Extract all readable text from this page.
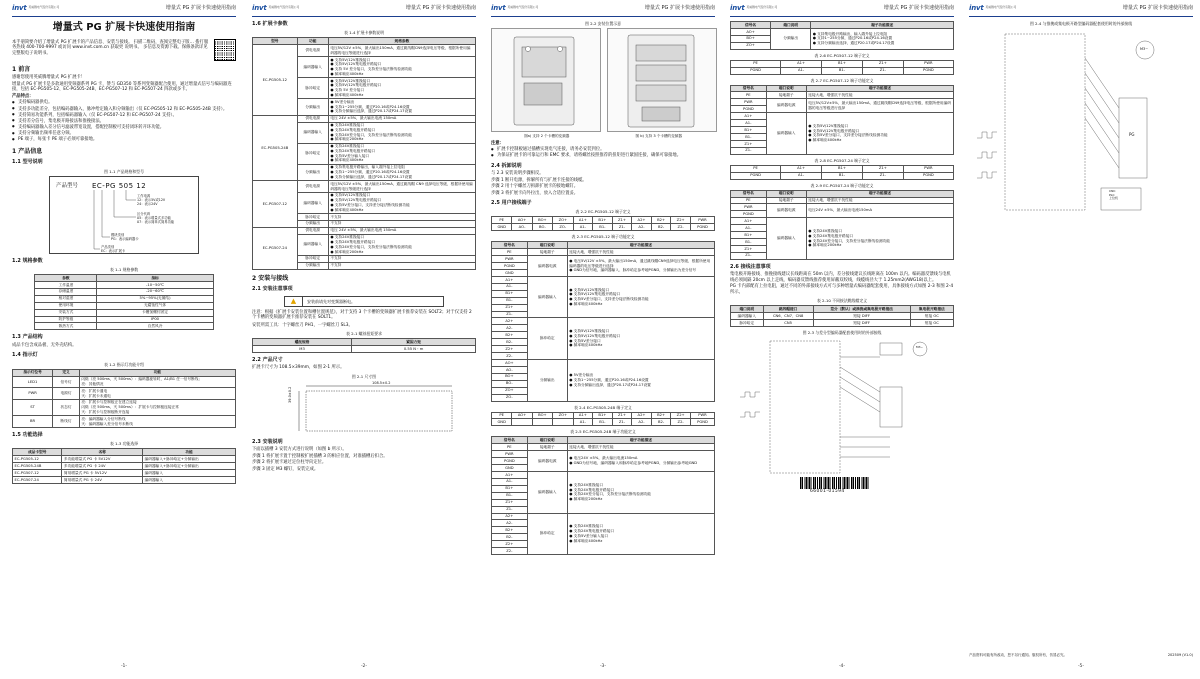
invt 英威腾电气股份有限公司	增量式 PG 扩展卡快速使用指南
增量式 PG 扩展卡快速使用指南

本手册简要介绍了增量式 PG 扩展卡的产品信息、安装与接线。 扫描二维码，查阅完整电子版… 拨打服务热线 400-700-9997 或访问 www.invt.com.cn 获取更 说明书。 多信息及资源下载。保修条款详见完整版电子说明书。

1 前言

感谢您使用英威腾增量式 PG 扩展卡！

增量式 PG 扩展卡是多款通用变频器系列 PG 卡，赞与 GD350 等系列变频器配合使用，通过增量式信号与编码器连接，包括 EC-PG505-12、EC-PG505-24B、EC-PG507-12 和 EC-PG507-24 四款或多卡。

产品特点：

● 支持编码器供电。
● 支持多功能差分，包括编码器输入、脉冲给定输入和分频输出（仅 EC-PG505-12 和 EC-PG505-24B 支持）。
● 支持简易功能系列，包括编码器输入（仅 EC-PG507-12 和 EC-PG507-24 支持）。
● 支持差分信号，集电极开路接法和推挽接法。
● 支持编码器输入差分信号滤波带宽设置，搭配控制板可支持闭环转开环功能。
● 支持分频输出频率任意分频。
● PE 端子，每张卡 PE 端子必须可靠接地。
1 产品信息
1.1 型号说明
图 1-1 产品规格和型号
产品型号 EC-PG 505 12
工作电源
12：表示5V或12V
24：表示24V
区分代码
05：表示增量式多功能
07：表示简单式简易功能
模块类别
PG：表示编码器卡
产品类别
EC：表示扩展卡
1.2 规格参数
表 1-1 规格参数
参数	指标
工作温度	-10~50℃
存储温度	-20~60℃
相对湿度	5%~95%(无凝结)
使用环境	无腐蚀性气体
安装方式	卡槽加螺钉固定
防护等级	IP00
散热方式	自然风冷
1.3 产品结构

成品卡包含成品板、无外壳结构。

1.4 指示灯
表 1-2 指示灯功能介绍
指示灯位号	定义	功能
LED1	信号灯	闪烁（亮 500ms，灭 500ms）：编码器旋转时，A1/B1 任一信号断线；
亮：其他情况
PWR	电源灯	亮：扩展卡通电
灭：扩展卡未通电
ST	状态灯	亮：扩展卡与控制板正在建立连接
闪烁（亮 500ms，灭 500ms）：扩展卡与控制板连接正常
灭：扩展卡与控制板断开连接
BR	断线灯	亮：编码器输入分信号断线
灭：编码器输入差分信号未断线
1.5 功能选择
表 1-3 功能选择
成品卡型号	名称	功能
EC-PG505-12	多功能增量式 PG 卡 5V12V	编码器输入+脉冲给定+分频输出
EC-PG505-24B	多功能增量式 PG 卡 24V	编码器输入+脉冲给定+分频输出
EC-PG507-12	简易增量式 PG 卡 5V12V	编码器输入
EC-PG507-24	简易增量式 PG 卡 24V	编码器输入
-1-
invt 英威腾电气股份有限公司	增量式 PG 扩展卡快速使用指南
1.6 扩展卡参数
表 1-4 扩展卡参数说明
型号	功能	规格参数
EC-PG505-12	供电电源	电压5V/12V ±5%，最大输出150mA，通过跳线帽CN9选择电压等级，根据所使用编码器的电压等级进行选择
	编码器输入	● 支持5V/12V推挽接口
● 支持5V/12V集电极开路接口
● 支持 5V 差分接口，支持差分接法断线检测功能
● 频率响应400kHz
	脉冲给定	● 支持5V/12V推挽接口
● 支持5V/12V集电极开路接口
● 支持 5V 差分接口
● 频率响应400kHz
	分频输出	● 5V差分输出
● 支持1~255分频，通过P20.16或P24.16设置
● 支持分频输出选择，通过P20.17或P24.17设置
EC-PG505-24B	供电电源	电压 24V ±5%，最大输出电流 150mA
	编码器输入	● 支持24V推挽接口
● 支持24V集电极开路接口
● 支持24V差分接口，支持差分接法断线检测功能
● 频率响应200kHz
	脉冲给定	● 支持24V推挽接口
● 支持24V集电极开路接口
● 支持5V差分输入接口
● 频率响应400kHz
	分频输出	● 支持集电极开路输出，输入端外接上拉电阻
● 支持1~255分频，通过P20.16或P24.16设置
● 支持分频输出选择，通过P20.17或P24.17设置
EC-PG507-12	供电电源	电压5V/12V ±5%，最大输出150mA，通过跳线帽 CN9 选择电压等级，根据所使用编码器的电压等级进行选择
	编码器输入	● 支持5V/12V推挽接口
● 支持5V/12V集电极开路接口
● 支持5V差分接口，支持差分接法断线检测功能
● 频率响应400kHz
	脉冲给定	不支持
	分频输出	不支持
EC-PG507-24	供电电源	电压 24V ±5%，最大输出电流 150mA
	编码器输入	● 支持24V推挽接口
● 支持24V集电极开路接口
● 支持24V差分接口，支持差分接法断线检测功能
● 频率响应200kHz
	脉冲给定	不支持
	分频输出	不支持
2 安装与接线
2.1 安装注意事项
▲	安装前请先对变频器断电。

注意：根据《扩展卡安装位置和槽位置规范》，对于支持 3 个卡槽的变频器扩展卡推荐安装在 SOLT2；对于仅支持 2 个卡槽的变频器扩展卡推荐安装在 SOLT1。

安装所需工具：十字螺丝刀 PH1，一字螺丝刀 SL3。

表 2-1 螺丝扭矩要求
螺丝规格	紧固力矩
M3	0.55 N・m
2.2 产品尺寸

扩展卡尺寸为 108.5×39mm，如图 2-1 所示。

图 2-1 尺寸图
108.5±0.2
39.0±0.2
2.3 安装说明

下面以插槽 3 安装方式进行说明（如图 b 所示）。

步骤 1 将扩展卡置于控制板扩展插槽 3 的相应位置，对准插槽后扣合。

步骤 2 将扩展卡通过定位柱导向定位。

步骤 3 固定 M3 螺钉，安装完成。

-2-
invt 英威腾电气股份有限公司	增量式 PG 扩展卡快速使用指南
图 2-2 安装位置示意
图a) 支持 2 个卡槽的变频器	图 b) 支持 3 个卡槽的变频器

注意：

● 扩展卡控制板通过插槽实现电气连接，请务必安装到位。
● 为保证扩展卡的可靠运行和 EMC 要求，请将螺丝按照推荐的扭矩进行紧固连接，确保可靠接地。
2.4 拆卸说明

与 2.3 安装说明步骤相反。

步骤 1 断开电源，拆解所有与扩展卡连接的线缆。

步骤 2 用十字螺丝刀拆卸扩展卡的接地螺钉。

步骤 3 将扩展卡向外拉出，放入合适位置妥。

2.5 用户接线端子
表 2-2 EC-PG505-12 端子定义
PE	AO+	BO+	ZO+	A1+	B1+	Z1+	A2+	B2+	Z2+	PWR
GND	AO-	BO-	ZO-	A1-	B1-	Z1-	A2-	B2-	Z2-	PGND
表 2-3 EC-PG505-12 端子功能定义
信号名	端口说明	端子功能描述
PE	接地端子	连接大地，增强抗干扰性能
PWR	编码器电源	● 电压5V/12V ±5%，最大输出150mA，通过跳线帽CN9选择电压等级，根据所使用编码器的电压等级进行选择
● GND为信号地，编码器输入、脉冲给定参考地PGND，分频输出为差分信号
PGND		
GND		
A1+	编码器输入	● 支持5V/12V推挽接口
● 支持5V/12V集电极开路接口
● 支持5V差分接口，支持差分接法断线检测功能
● 频率响应400kHz
A1-		
B1+		
B1-		
Z1+		
Z1-		
A2+	脉冲给定	● 支持5V/12V推挽接口
● 支持5V/12V集电极开路接口
● 支持5V差分接口
● 频率响应400kHz
A2-		
B2+		
B2-		
Z2+		
Z2-		
AO+	分频输出	● 5V差分输出
● 支持1~255分频，通过P20.16或P24.16设置
● 支持分频输出选择，通过P20.17或P24.17设置
AO-		
BO+		
BO-		
ZO+		
ZO-		
表 2-4 EC-PG505-24B 端子定义
PE	AO+	BO+	ZO+	A1+	B1+	Z1+	A2+	B2+	Z2+	PWR
GND				A1-	B1-	Z1-	A2-	B2-	Z2-	PGND
表 2-5 EC-PG505-24B 端子功能定义
信号名	端口说明	端子功能描述
PE	接地端子	连接大地，增强抗干扰性能
PWR	编码器电源	● 电压24V ±5%，最大输出电流150mA
● GND为信号地，编码器输入和脉冲给定参考地PGND，分频输出参考地GND
PGND		
GND		
A1+	编码器输入	● 支持24V推挽接口
● 支持24V集电极开路接口
● 支持24V差分接口，支持差分接法断线检测功能
● 频率响应200kHz
A1-		
B1+		
B1-		
Z1+		
Z1-		
A2+	脉冲给定	● 支持24V推挽接口
● 支持24V集电极开路接口
● 支持5V差分输入接口
● 频率响应400kHz
A2-		
B2+		
B2-		
Z2+		
Z2-		
-3-
invt 英威腾电气股份有限公司	增量式 PG 扩展卡快速使用指南
信号名	端口说明	端子功能描述
AO+	分频输出	● 支持集电极开路输出，输入端外接上拉电阻
● 支持1~255分频，通过P20.16或P24.16设置
● 支持分频输出选择，通过P20.17或P24.17设置
BO+		
ZO+		
表 2-6 EC-PG507-12 端子定义
PE	A1+	B1+	Z1+	PWR
PGND	A1-	B1-	Z1-	PGND
表 2-7 EC-PG507-12 端子功能定义
信号名	端口说明	端子功能描述
PE	接地端子	连接大地，增强抗干扰性能
PWR	编码器电源	电压5V/12V±5%，最大输出150mA，通过跳线帽CN9选择电压等级，根据所使用编码器的电压等级进行选择
PGND		
A1+	编码器输入	● 支持5V/12V推挽接口
● 支持5V/12V集电极开路接口
● 支持5V差分接口，支持差分接法断线检测功能
● 频率响应400kHz
A1-		
B1+		
B1-		
Z1+		
Z1-		
表 2-8 EC-PG507-24 端子定义
PE	A1+	B1+	Z1+	PWR
PGND	A1-	B1-	Z1-	PGND
表 2-9 EC-PG507-24 端子功能定义
信号名	端口说明	端子功能描述
PE	接地端子	连接大地，增强抗干扰性能
PWR	编码器电源	电压24V ±5%，最大输出电流150mA
PGND		
A1+	编码器输入	● 支持24V推挽接口
● 支持24V集电极开路接口
● 支持24V差分接口，支持差分接法断线检测功能
● 频率响应200kHz
A1-		
B1+		
B1-		
Z1+		
Z1-		
2.6 接线注意事项

集电极开路接线、推挽接线建议长线距离在 50m 以内，差分接线建议长线距离在 100m 以内。编码器反馈线与电机线必须间隔 20cm 以上走线，编码器反馈线推荐使用屏蔽双绞线，线缆线径大于 1.25mm2(AWG18)以上。

PG 卡内部配有上拉电阻，通过不同的外部接线方式可与多种增量式编码器配套使用，具体接线方式如图 2-3 和图 2-4 所示。

表 2-10 不同接法跳线帽定义
端口说明	跳线帽接口	差分（默认）或推挽或集电极开路接法	集电极开路接法
编码器输入	CN6、CN7、CN8	短接 DIFF	短接 OC
脉冲给定	CN5	短接 DIFF	短接 OC
图 2-3 与差分型编码器配套使用时的外部接线
M3~
66001-01594
-4-
invt 英威腾电气股份有限公司	增量式 PG 扩展卡快速使用指南
图 2-4 与推挽或集电极开路型编码器配套使用时的外部接线
M3~
PG
CNC
PLC
上位机
产品资料可能有所改动，恕不另行通知。版权所有，仿冒必究。	202509 (V1.0)
-5-
